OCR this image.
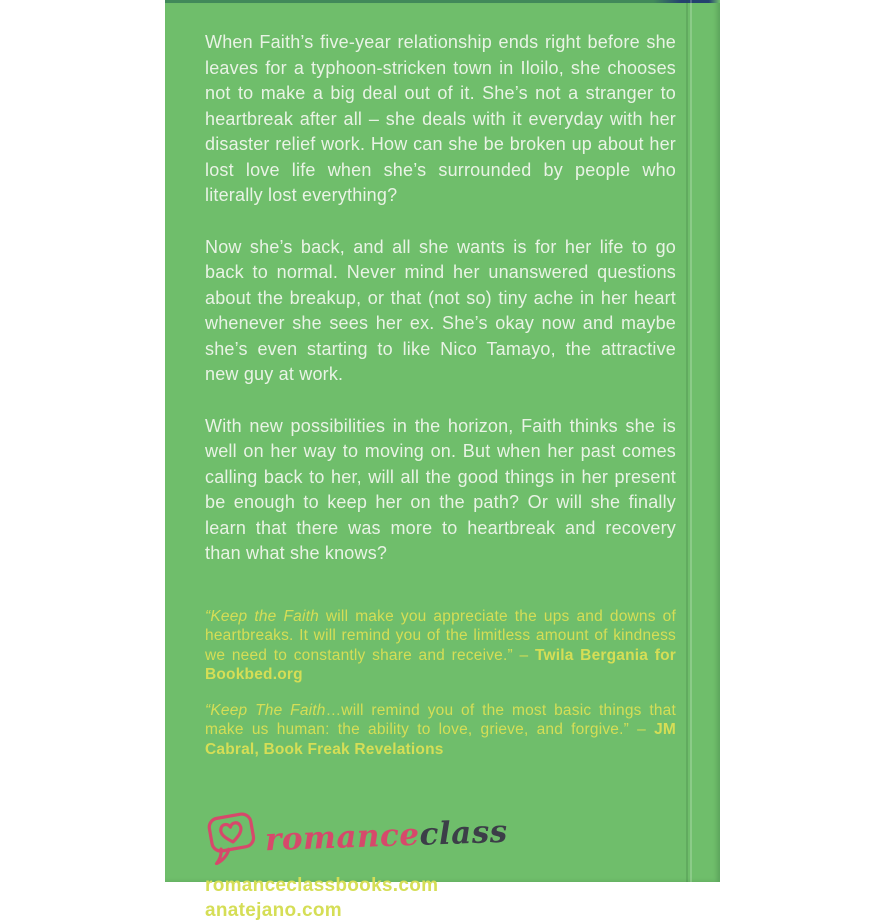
When Faith’s five-year relationship ends right before she leaves for a typhoon-stricken town in Iloilo, she chooses not to make a big deal out of it. She’s not a stranger to heartbreak after all – she deals with it everyday with her disaster relief work. How can she be broken up about her lost love life when she’s surrounded by people who literally lost everything?

Now she’s back, and all she wants is for her life to go back to normal. Never mind her unanswered questions about the breakup, or that (not so) tiny ache in her heart whenever she sees her ex. She’s okay now and maybe she’s even starting to like Nico Tamayo, the attractive new guy at work.

With new possibilities in the horizon, Faith thinks she is well on her way to moving on. But when her past comes calling back to her, will all the good things in her present be enough to keep her on the path? Or will she finally learn that there was more to heartbreak and recovery than what she knows?

“Keep the Faith will make you appreciate the ups and downs of heartbreaks. It will remind you of the limitless amount of kindness we need to constantly share and receive.” – Twila Bergania for Bookbed.org

“Keep The Faith…will remind you of the most basic things that make us human: the ability to love, grieve, and forgive.” – JM Cabral, Book Freak Revelations

romanceclass
romanceclassbooks.com
anatejano.com
